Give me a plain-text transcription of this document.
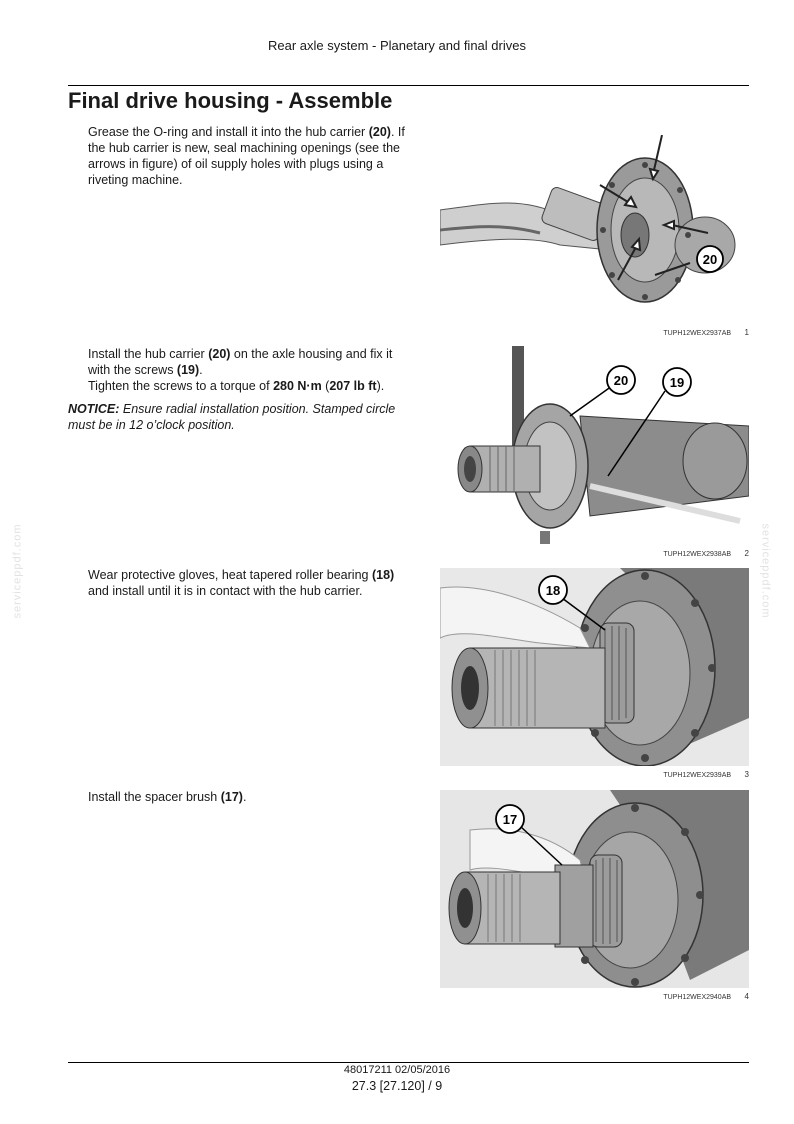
Rear axle system - Planetary and final drives
Final drive housing - Assemble
serviceppdf.com	serviceppdf.com

Grease the O-ring and install it into the hub carrier (20). If the hub carrier is new, seal machining openings (see the arrows in figure) of oil supply holes with plugs using a riveting machine.

20
TUPH12WEX2937AB 1

Install the hub carrier (20) on the axle housing and fix it with the screws (19).
Tighten the screws to a torque of 280 N·m (207 lb ft).

NOTICE: Ensure radial installation position. Stamped circle must be in 12 o’clock position.

20	19
TUPH12WEX2938AB 2

Wear protective gloves, heat tapered roller bearing (18) and install until it is in contact with the hub carrier.	18
TUPH12WEX2939AB 3

Install the spacer brush (17).

17
TUPH12WEX2940AB 4
48017211 02/05/2016
27.3 [27.120] / 9
